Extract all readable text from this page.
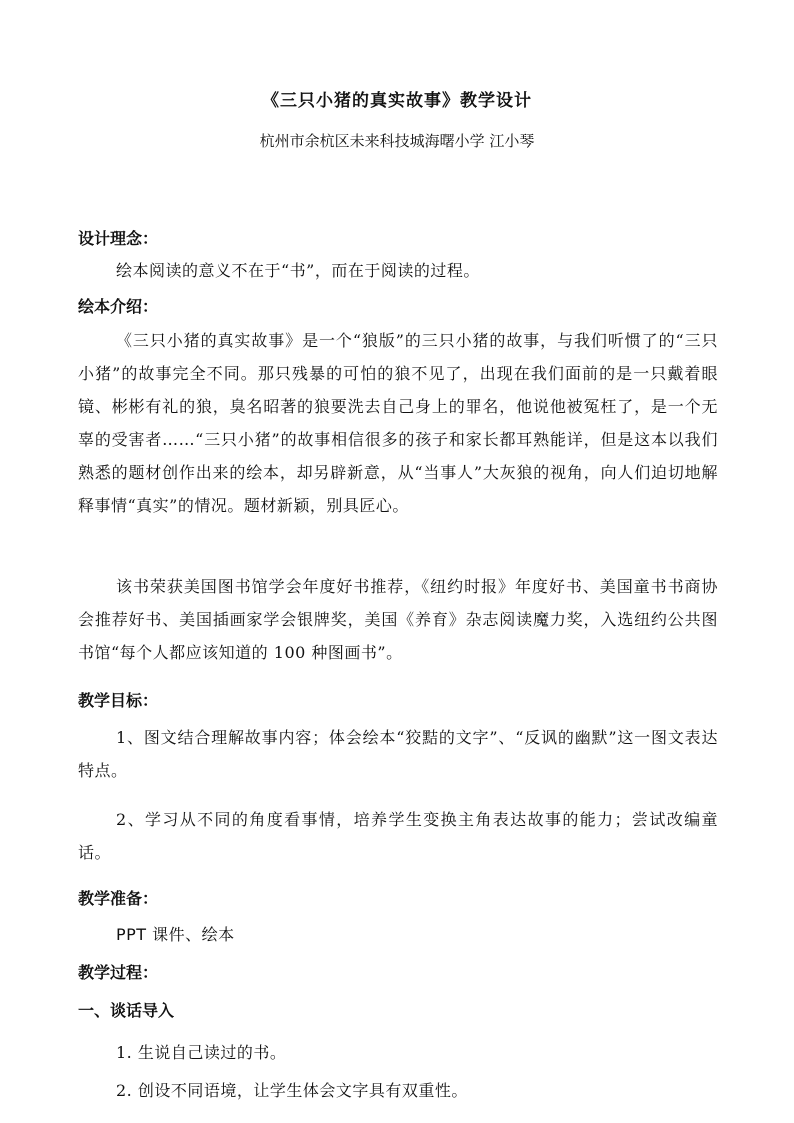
《三只小猪的真实故事》教学设计
杭州市余杭区未来科技城海曙小学 江小琴
设计理念：
绘本阅读的意义不在于“书”，而在于阅读的过程。
绘本介绍：
《三只小猪的真实故事》是一个“狼版”的三只小猪的故事，与我们听惯了的“三只小猪”的故事完全不同。那只残暴的可怕的狼不见了，出现在我们面前的是一只戴着眼镜、彬彬有礼的狼，臭名昭著的狼要洗去自己身上的罪名，他说他被冤枉了，是一个无辜的受害者……“三只小猪”的故事相信很多的孩子和家长都耳熟能详，但是这本以我们熟悉的题材创作出来的绘本，却另辟新意，从“当事人”大灰狼的视角，向人们迫切地解释事情“真实”的情况。题材新颖，别具匠心。
该书荣获美国图书馆学会年度好书推荐，《纽约时报》年度好书、美国童书书商协会推荐好书、美国插画家学会银牌奖，美国《养育》杂志阅读魔力奖，入选纽约公共图书馆“每个人都应该知道的 100 种图画书”。
教学目标：
1、图文结合理解故事内容；体会绘本“狡黠的文字”、“反讽的幽默”这一图文表达特点。
2、学习从不同的角度看事情，培养学生变换主角表达故事的能力；尝试改编童话。
教学准备：
PPT 课件、绘本
教学过程：
一、谈话导入
1. 生说自己读过的书。
2. 创设不同语境，让学生体会文字具有双重性。
